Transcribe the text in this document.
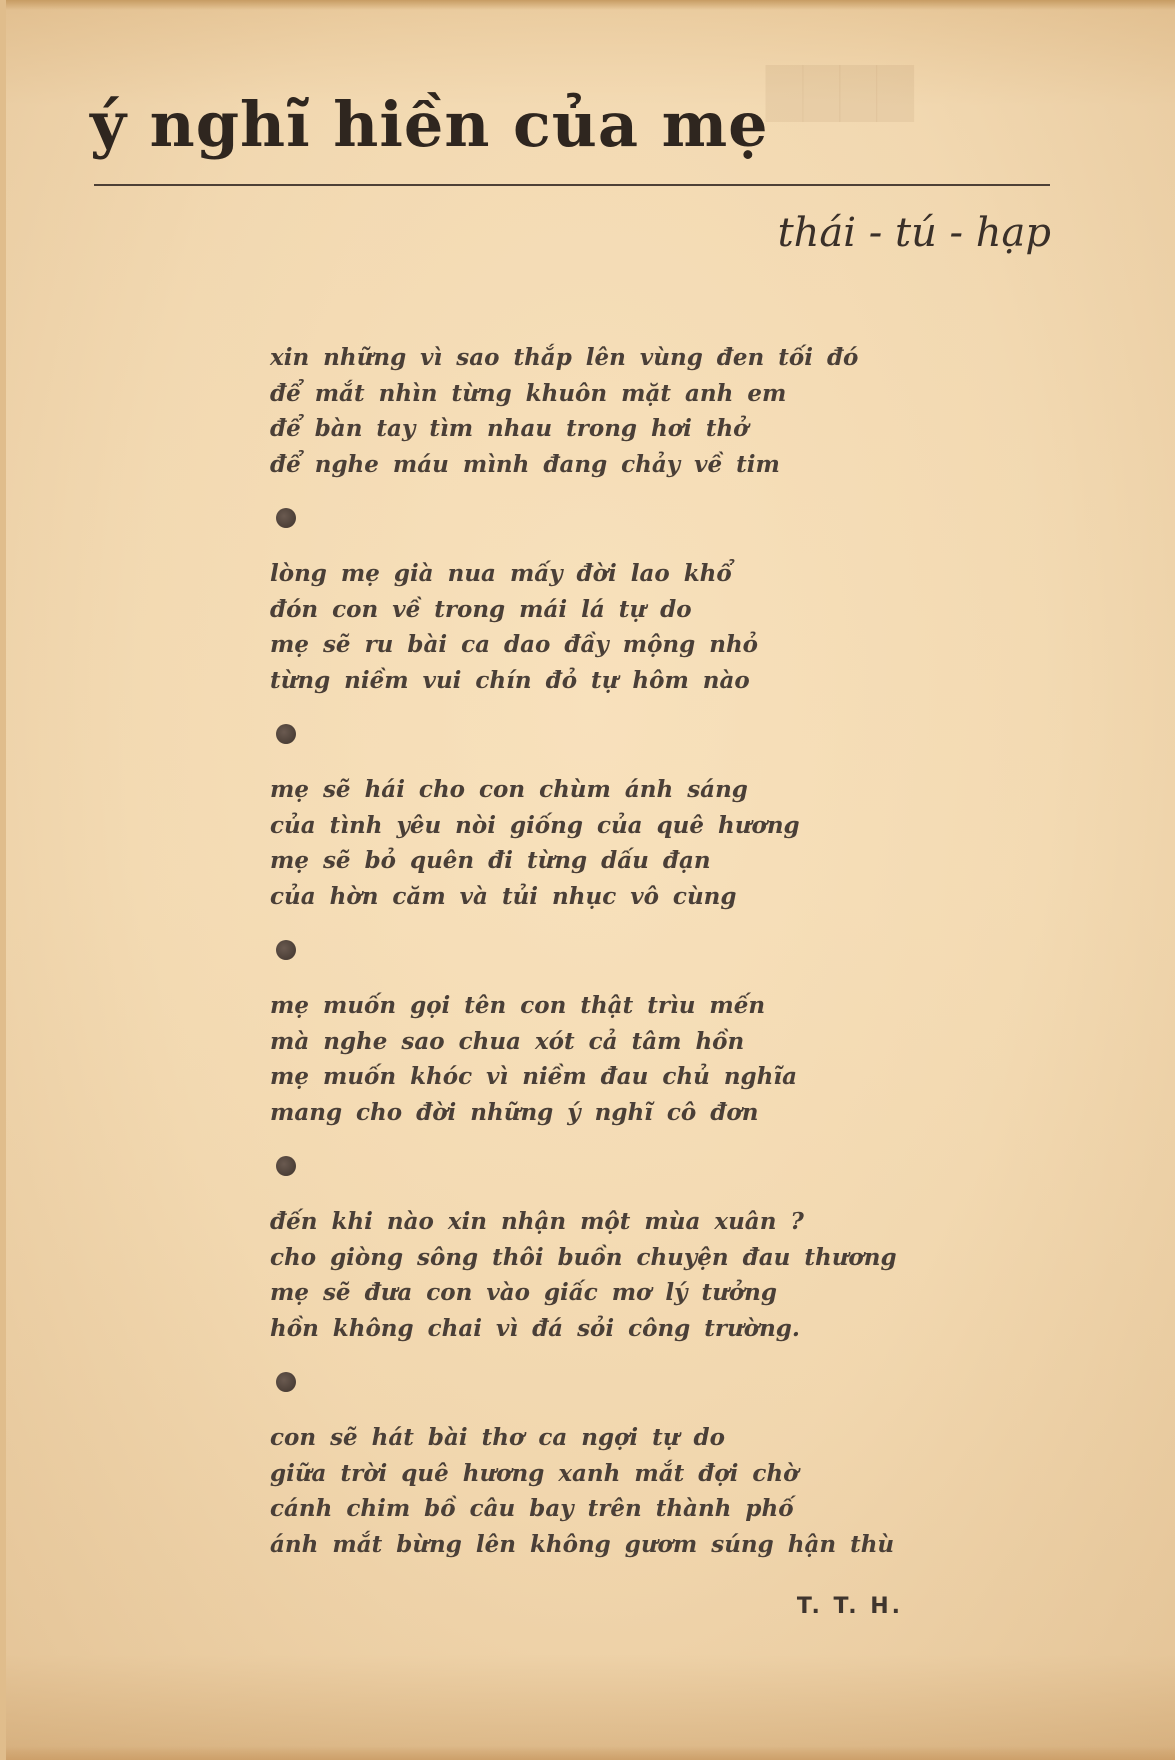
████
ý nghĩ hiền của mẹ
thái - tú - hạp
xin những vì sao thắp lên vùng đen tối đó
để mắt nhìn từng khuôn mặt anh em
để bàn tay tìm nhau trong hơi thở
để nghe máu mình đang chảy về tim
lòng mẹ già nua mấy đời lao khổ
đón con về trong mái lá tự do
mẹ sẽ ru bài ca dao đầy mộng nhỏ
từng niềm vui chín đỏ tự hôm nào
mẹ sẽ hái cho con chùm ánh sáng
của tình yêu nòi giống của quê hương
mẹ sẽ bỏ quên đi từng dấu đạn
của hờn căm và tủi nhục vô cùng
mẹ muốn gọi tên con thật trìu mến
mà nghe sao chua xót cả tâm hồn
mẹ muốn khóc vì niềm đau chủ nghĩa
mang cho đời những ý nghĩ cô đơn
đến khi nào xin nhận một mùa xuân ?
cho giòng sông thôi buồn chuyện đau thương
mẹ sẽ đưa con vào giấc mơ lý tưởng
hồn không chai vì đá sỏi công trường.
con sẽ hát bài thơ ca ngợi tự do
giữa trời quê hương xanh mắt đợi chờ
cánh chim bồ câu bay trên thành phố
ánh mắt bừng lên không gươm súng hận thù
T. T. H.
